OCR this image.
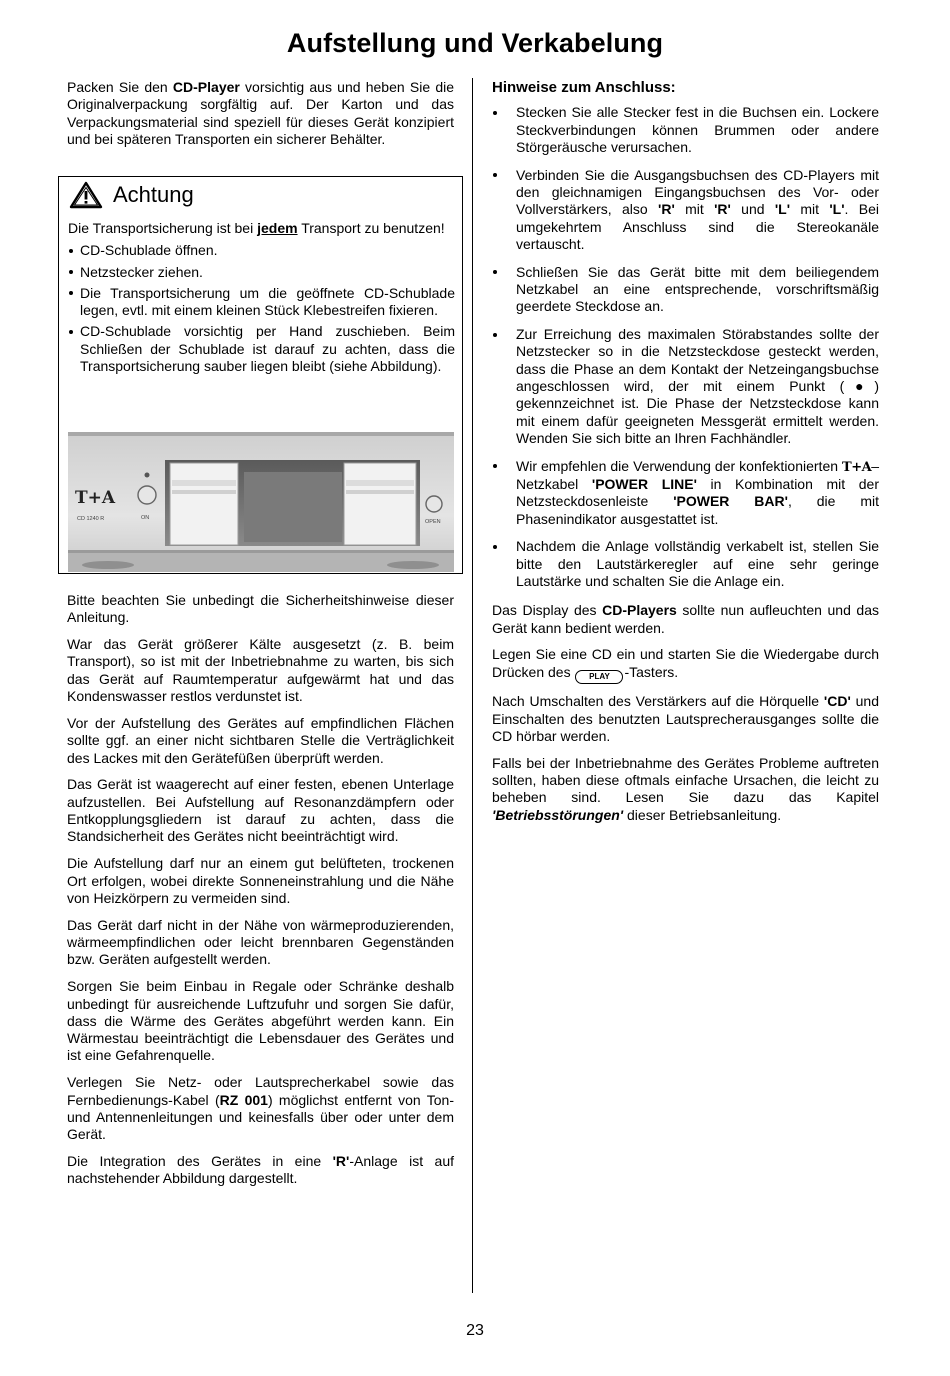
Aufstellung und Verkabelung

Packen Sie den CD-Player vorsichtig aus und heben Sie die Originalverpackung sorgfältig auf. Der Karton und das Verpackungsmaterial sind speziell für dieses Gerät konzipiert und bei späteren Transporten ein sicherer Behälter.

Achtung

Die Transportsicherung ist bei jedem Transport zu benutzen!

CD-Schublade öffnen.
Netzstecker ziehen.
Die Transportsicherung um die geöffnete CD-Schublade legen, evtl. mit einem kleinen Stück Klebestreifen fixieren.
CD-Schublade vorsichtig per Hand zuschieben. Beim Schließen der Schublade ist darauf zu achten, dass die Transportsicherung sauber liegen bleibt (siehe Abbildung).
T+A
CD 1240 R	ON
OPEN

Bitte beachten Sie unbedingt die Sicherheitshinweise dieser Anleitung.

War das Gerät größerer Kälte ausgesetzt (z. B. beim Transport), so ist mit der Inbetriebnahme zu warten, bis sich das Gerät auf Raumtemperatur aufgewärmt hat und das Kondenswasser restlos verdunstet ist.

Vor der Aufstellung des Gerätes auf empfindlichen Flächen sollte ggf. an einer nicht sichtbaren Stelle die Verträglichkeit des Lackes mit den Gerätefüßen überprüft werden.

Das Gerät ist waagerecht auf einer festen, ebenen Unterlage aufzustellen. Bei Aufstellung auf Resonanzdämpfern oder Entkopplungsgliedern ist darauf zu achten, dass die Standsicherheit des Gerätes nicht beeinträchtigt wird.

Die Aufstellung darf nur an einem gut belüfteten, trockenen Ort erfolgen, wobei direkte Sonneneinstrahlung und die Nähe von Heizkörpern zu vermeiden sind.

Das Gerät darf nicht in der Nähe von wärmeproduzierenden, wärmeempfindlichen oder leicht brennbaren Gegenständen bzw. Geräten aufgestellt werden.

Sorgen Sie beim Einbau in Regale oder Schränke deshalb unbedingt für ausreichende Luftzufuhr und sorgen Sie dafür, dass die Wärme des Gerätes abgeführt werden kann. Ein Wärmestau beeinträchtigt die Lebensdauer des Gerätes und ist eine Gefahrenquelle.

Verlegen Sie Netz- oder Lautsprecherkabel sowie das Fernbedienungs-Kabel (RZ 001) möglichst entfernt von Ton- und Antennenleitungen und keinesfalls über oder unter dem Gerät.

Die Integration des Gerätes in eine 'R'-Anlage ist auf nachstehender Abbildung dargestellt.

Hinweise zum Anschluss:
Stecken Sie alle Stecker fest in die Buchsen ein. Lockere Steckverbindungen können Brummen oder andere Störgeräusche verursachen.
Verbinden Sie die Ausgangsbuchsen des CD-Players mit den gleichnamigen Eingangsbuchsen des Vor- oder Vollverstärkers, also 'R' mit 'R' und 'L' mit 'L'. Bei umgekehrtem Anschluss sind die Stereokanäle vertauscht.
Schließen Sie das Gerät bitte mit dem beiliegendem Netzkabel an eine entsprechende, vorschriftsmäßig geerdete Steckdose an.
Zur Erreichung des maximalen Störabstandes sollte der Netzstecker so in die Netzsteckdose gesteckt werden, dass die Phase an dem Kontakt der Netzeingangsbuchse angeschlossen wird, der mit einem Punkt (●) gekennzeichnet ist. Die Phase der Netzsteckdose kann mit einem dafür geeigneten Messgerät ermittelt werden. Wenden Sie sich bitte an Ihren Fachhändler.
Wir empfehlen die Verwendung der konfektionierten T+A–Netzkabel 'POWER LINE' in Kombination mit der Netzsteckdosenleiste 'POWER BAR', die mit Phasenindikator ausgestattet ist.
Nachdem die Anlage vollständig verkabelt ist, stellen Sie bitte den Lautstärkeregler auf eine sehr geringe Lautstärke und schalten Sie die Anlage ein.

Das Display des CD-Players sollte nun aufleuchten und das Gerät kann bedient werden.

Legen Sie eine CD ein und starten Sie die Wiedergabe durch Drücken des PLAY -Tasters.

Nach Umschalten des Verstärkers auf die Hörquelle 'CD' und Einschalten des benutzten Lautsprecherausganges sollte die CD hörbar werden.

Falls bei der Inbetriebnahme des Gerätes Probleme auftreten sollten, haben diese oftmals einfache Ursachen, die leicht zu beheben sind. Lesen Sie dazu das Kapitel 'Betriebsstörungen' dieser Betriebsanleitung.

23
